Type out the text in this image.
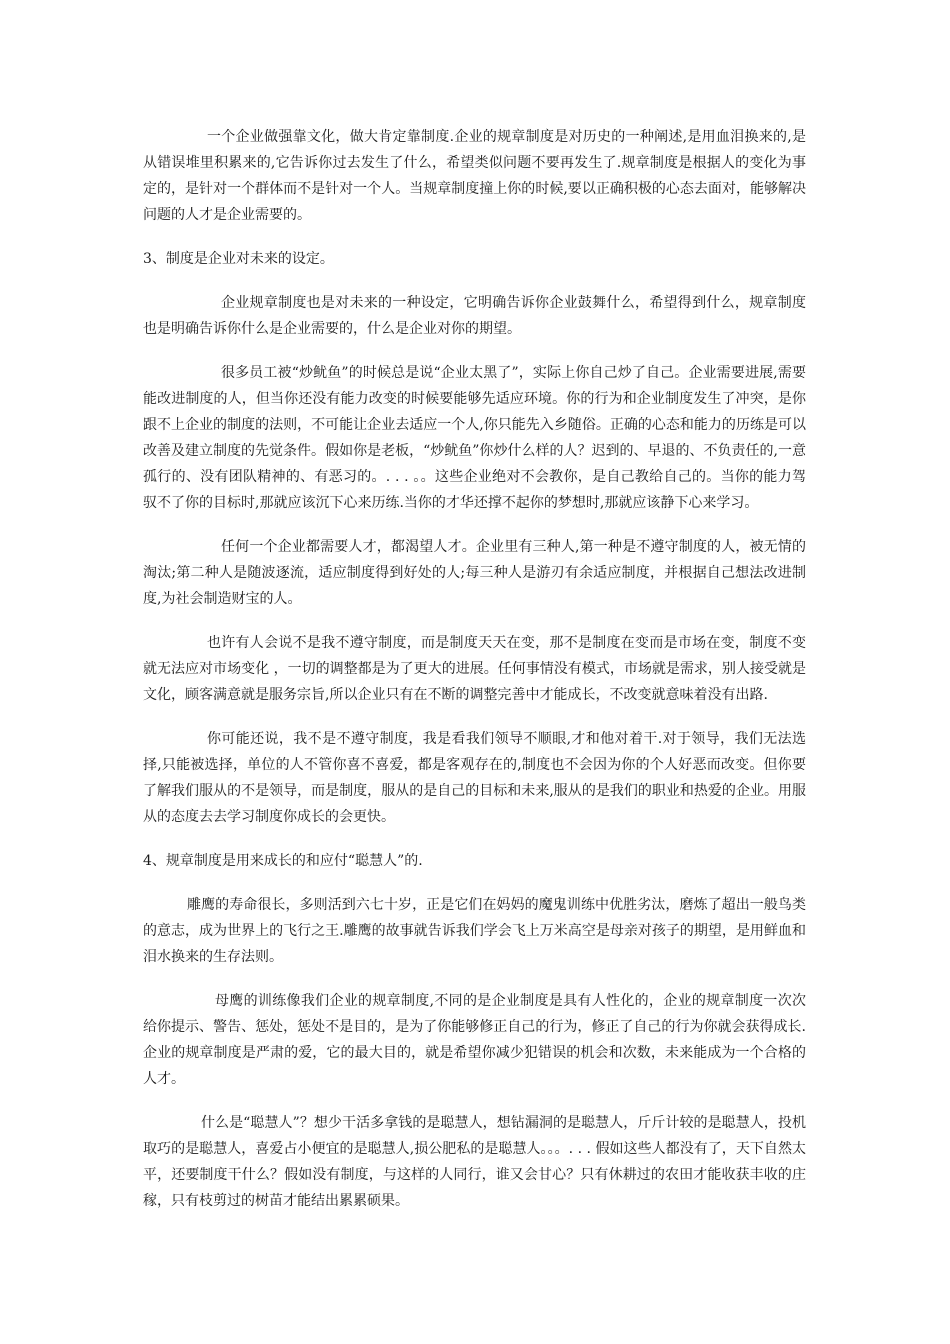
一个企业做强靠文化，做大肯定靠制度.企业的规章制度是对历史的一种阐述,是用血泪换来的,是从错误堆里积累来的,它告诉你过去发生了什么，希望类似问题不要再发生了.规章制度是根据人的变化为事定的，是针对一个群体而不是针对一个人。当规章制度撞上你的时候,要以正确积极的心态去面对，能够解决问题的人才是企业需要的。

3、制度是企业对未来的设定。

企业规章制度也是对未来的一种设定，它明确告诉你企业鼓舞什么，希望得到什么，规章制度也是明确告诉你什么是企业需要的，什么是企业对你的期望。

很多员工被“炒鱿鱼”的时候总是说“企业太黑了”，实际上你自己炒了自己。企业需要进展,需要能改进制度的人，但当你还没有能力改变的时候要能够先适应环境。你的行为和企业制度发生了冲突，是你跟不上企业的制度的法则，不可能让企业去适应一个人,你只能先入乡随俗。正确的心态和能力的历练是可以改善及建立制度的先觉条件。假如你是老板，“炒鱿鱼”你炒什么样的人？迟到的、早退的、不负责任的,一意孤行的、没有团队精神的、有恶习的。. . . 。。这些企业绝对不会教你，是自己教给自己的。当你的能力驾驭不了你的目标时,那就应该沉下心来历练.当你的才华还撑不起你的梦想时,那就应该静下心来学习。

任何一个企业都需要人才，都渴望人才。企业里有三种人,第一种是不遵守制度的人，被无情的淘汰;第二种人是随波逐流，适应制度得到好处的人;每三种人是游刃有余适应制度，并根据自己想法改进制度,为社会制造财宝的人。

也许有人会说不是我不遵守制度，而是制度天天在变，那不是制度在变而是市场在变，制度不变就无法应对市场变化 ，一切的调整都是为了更大的进展。任何事情没有模式，市场就是需求，别人接受就是文化，顾客满意就是服务宗旨,所以企业只有在不断的调整完善中才能成长，不改变就意味着没有出路.

你可能还说，我不是不遵守制度，我是看我们领导不顺眼,才和他对着干.对于领导，我们无法选择,只能被选择，单位的人不管你喜不喜爱，都是客观存在的,制度也不会因为你的个人好恶而改变。但你要了解我们服从的不是领导，而是制度，服从的是自己的目标和未来,服从的是我们的职业和热爱的企业。用服从的态度去去学习制度你成长的会更快。

4、规章制度是用来成长的和应付“聪慧人”的.

雕鹰的寿命很长，多则活到六七十岁，正是它们在妈妈的魔鬼训练中优胜劣汰，磨炼了超出一般鸟类的意志，成为世界上的飞行之王.雕鹰的故事就告诉我们学会飞上万米高空是母亲对孩子的期望，是用鲜血和泪水换来的生存法则。

母鹰的训练像我们企业的规章制度,不同的是企业制度是具有人性化的，企业的规章制度一次次给你提示、警告、惩处，惩处不是目的，是为了你能够修正自己的行为，修正了自己的行为你就会获得成长.企业的规章制度是严肃的爱，它的最大目的，就是希望你减少犯错误的机会和次数，未来能成为一个合格的人才。

什么是“聪慧人”？想少干活多拿钱的是聪慧人，想钻漏洞的是聪慧人，斤斤计较的是聪慧人，投机取巧的是聪慧人，喜爱占小便宜的是聪慧人,损公肥私的是聪慧人。。。. . . 假如这些人都没有了，天下自然太平，还要制度干什么？假如没有制度，与这样的人同行，谁又会甘心？只有休耕过的农田才能收获丰收的庄稼，只有枝剪过的树苗才能结出累累硕果。
